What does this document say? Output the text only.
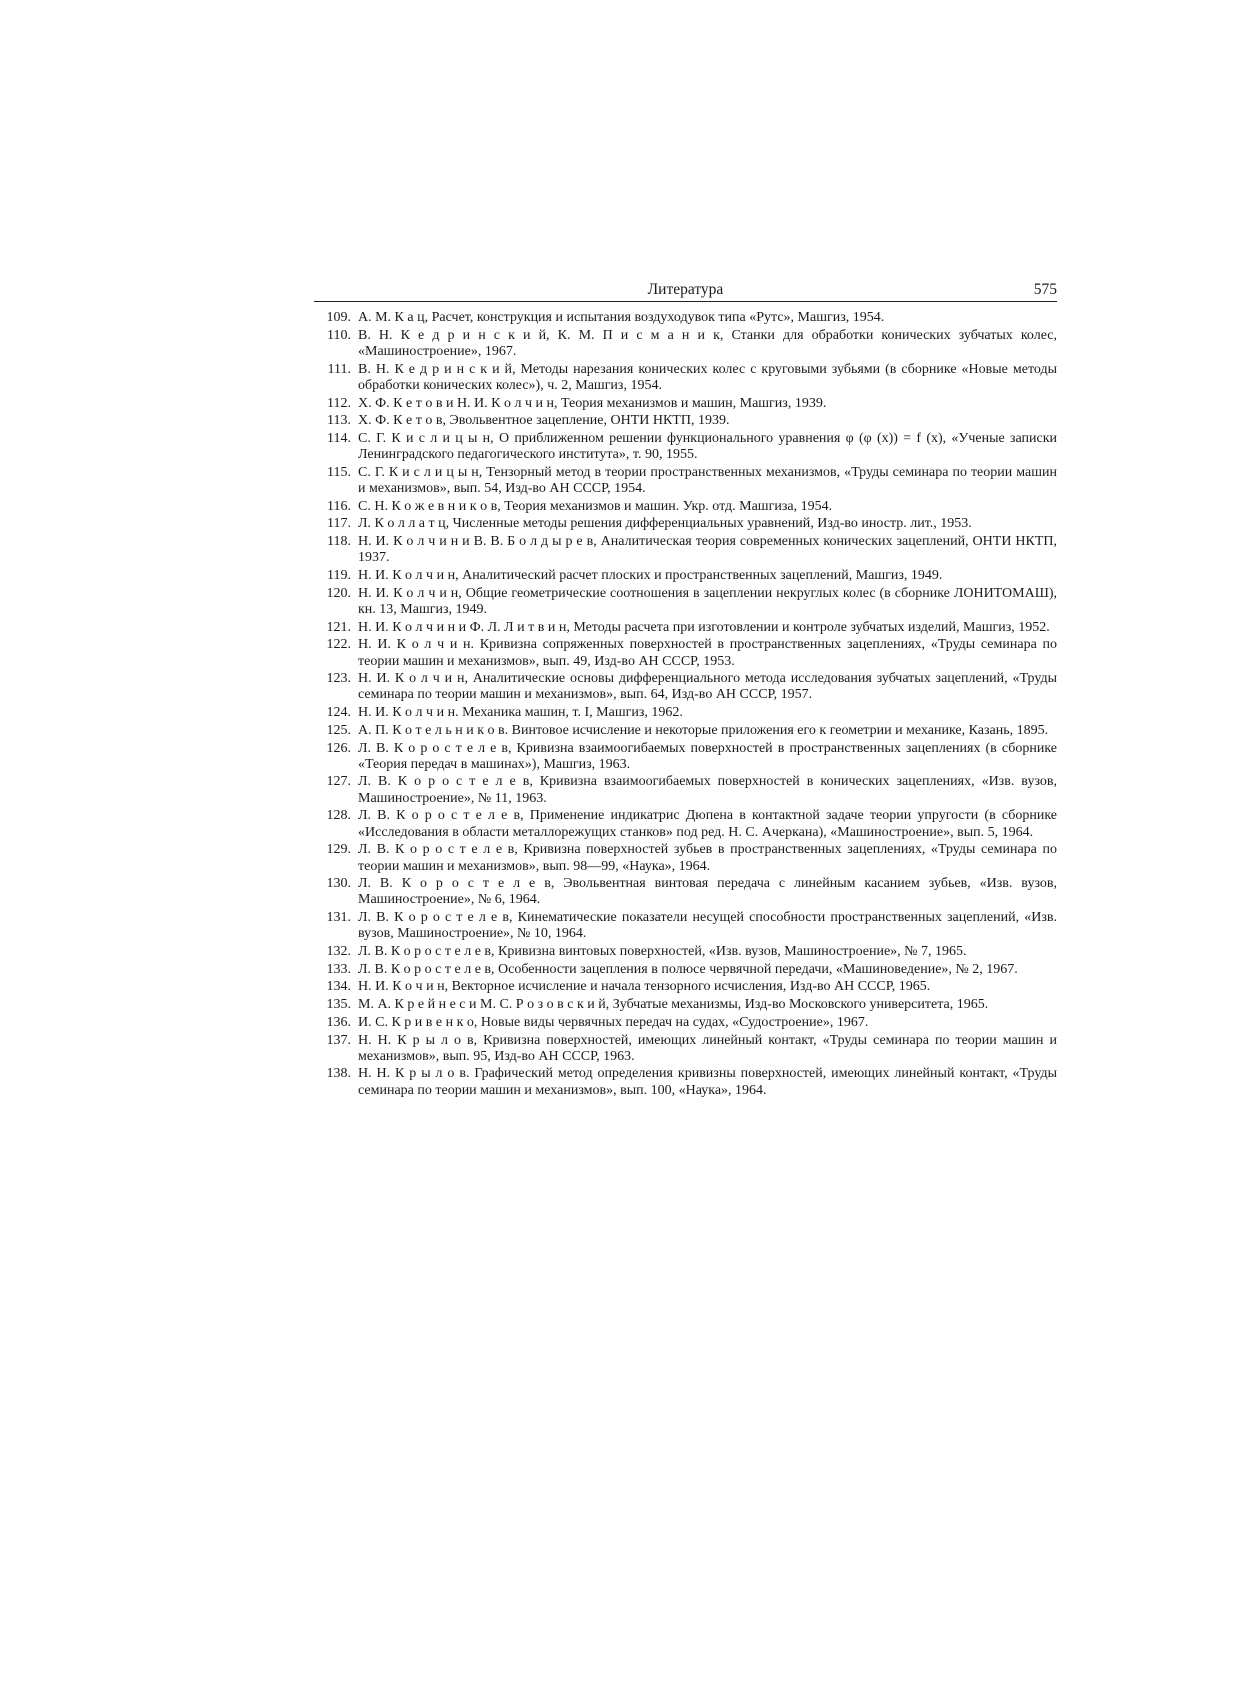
Литература	575
109. А. М. К а ц, Расчет, конструкция и испытания воздуходувок типа «Рутс», Машгиз, 1954.
110. В. Н. К е д р и н с к и й, К. М. П и с м а н и к, Станки для обработки конических зубчатых колес, «Машиностроение», 1967.
111. В. Н. К е д р и н с к и й, Методы нарезания конических колес с круговыми зубьями (в сборнике «Новые методы обработки конических колес»), ч. 2, Машгиз, 1954.
112. Х. Ф. К е т о в и Н. И. К о л ч и н, Теория механизмов и машин, Машгиз, 1939.
113. Х. Ф. К е т о в, Эвольвентное зацепление, ОНТИ НКТП, 1939.
114. С. Г. К и с л и ц ы н, О приближенном решении функционального уравнения φ (φ (x)) = f (x), «Ученые записки Ленинградского педагогического института», т. 90, 1955.
115. С. Г. К и с л и ц ы н, Тензорный метод в теории пространственных механизмов, «Труды семинара по теории машин и механизмов», вып. 54, Изд-во АН СССР, 1954.
116. С. Н. К о ж е в н и к о в, Теория механизмов и машин. Укр. отд. Машгиза, 1954.
117. Л. К о л л а т ц, Численные методы решения дифференциальных уравнений, Изд-во иностр. лит., 1953.
118. Н. И. К о л ч и н и В. В. Б о л д ы р е в, Аналитическая теория современных конических зацеплений, ОНТИ НКТП, 1937.
119. Н. И. К о л ч и н, Аналитический расчет плоских и пространственных зацеплений, Машгиз, 1949.
120. Н. И. К о л ч и н, Общие геометрические соотношения в зацеплении некруглых колес (в сборнике ЛОНИТОМАШ), кн. 13, Машгиз, 1949.
121. Н. И. К о л ч и н и Ф. Л. Л и т в и н, Методы расчета при изготовлении и контроле зубчатых изделий, Машгиз, 1952.
122. Н. И. К о л ч и н. Кривизна сопряженных поверхностей в пространственных зацеплениях, «Труды семинара по теории машин и механизмов», вып. 49, Изд-во АН СССР, 1953.
123. Н. И. К о л ч и н, Аналитические основы дифференциального метода исследования зубчатых зацеплений, «Труды семинара по теории машин и механизмов», вып. 64, Изд-во АН СССР, 1957.
124. Н. И. К о л ч и н. Механика машин, т. I, Машгиз, 1962.
125. А. П. К о т е л ь н и к о в. Винтовое исчисление и некоторые приложения его к геометрии и механике, Казань, 1895.
126. Л. В. К о р о с т е л е в, Кривизна взаимоогибаемых поверхностей в пространственных зацеплениях (в сборнике «Теория передач в машинах»), Машгиз, 1963.
127. Л. В. К о р о с т е л е в, Кривизна взаимоогибаемых поверхностей в конических зацеплениях, «Изв. вузов, Машиностроение», № 11, 1963.
128. Л. В. К о р о с т е л е в, Применение индикатрис Дюпена в контактной задаче теории упругости (в сборнике «Исследования в области металлорежущих станков» под ред. Н. С. Ачеркана), «Машиностроение», вып. 5, 1964.
129. Л. В. К о р о с т е л е в, Кривизна поверхностей зубьев в пространственных зацеплениях, «Труды семинара по теории машин и механизмов», вып. 98—99, «Наука», 1964.
130. Л. В. К о р о с т е л е в, Эвольвентная винтовая передача с линейным касанием зубьев, «Изв. вузов, Машиностроение», № 6, 1964.
131. Л. В. К о р о с т е л е в, Кинематические показатели несущей способности пространственных зацеплений, «Изв. вузов, Машиностроение», № 10, 1964.
132. Л. В. К о р о с т е л е в, Кривизна винтовых поверхностей, «Изв. вузов, Машиностроение», № 7, 1965.
133. Л. В. К о р о с т е л е в, Особенности зацепления в полюсе червячной передачи, «Машиноведение», № 2, 1967.
134. Н. И. К о ч и н, Векторное исчисление и начала тензорного исчисления, Изд-во АН СССР, 1965.
135. М. А. К р е й н е с и М. С. Р о з о в с к и й, Зубчатые механизмы, Изд-во Московского университета, 1965.
136. И. С. К р и в е н к о, Новые виды червячных передач на судах, «Судостроение», 1967.
137. Н. Н. К р ы л о в, Кривизна поверхностей, имеющих линейный контакт, «Труды семинара по теории машин и механизмов», вып. 95, Изд-во АН СССР, 1963.
138. Н. Н. К р ы л о в. Графический метод определения кривизны поверхностей, имеющих линейный контакт, «Труды семинара по теории машин и механизмов», вып. 100, «Наука», 1964.
